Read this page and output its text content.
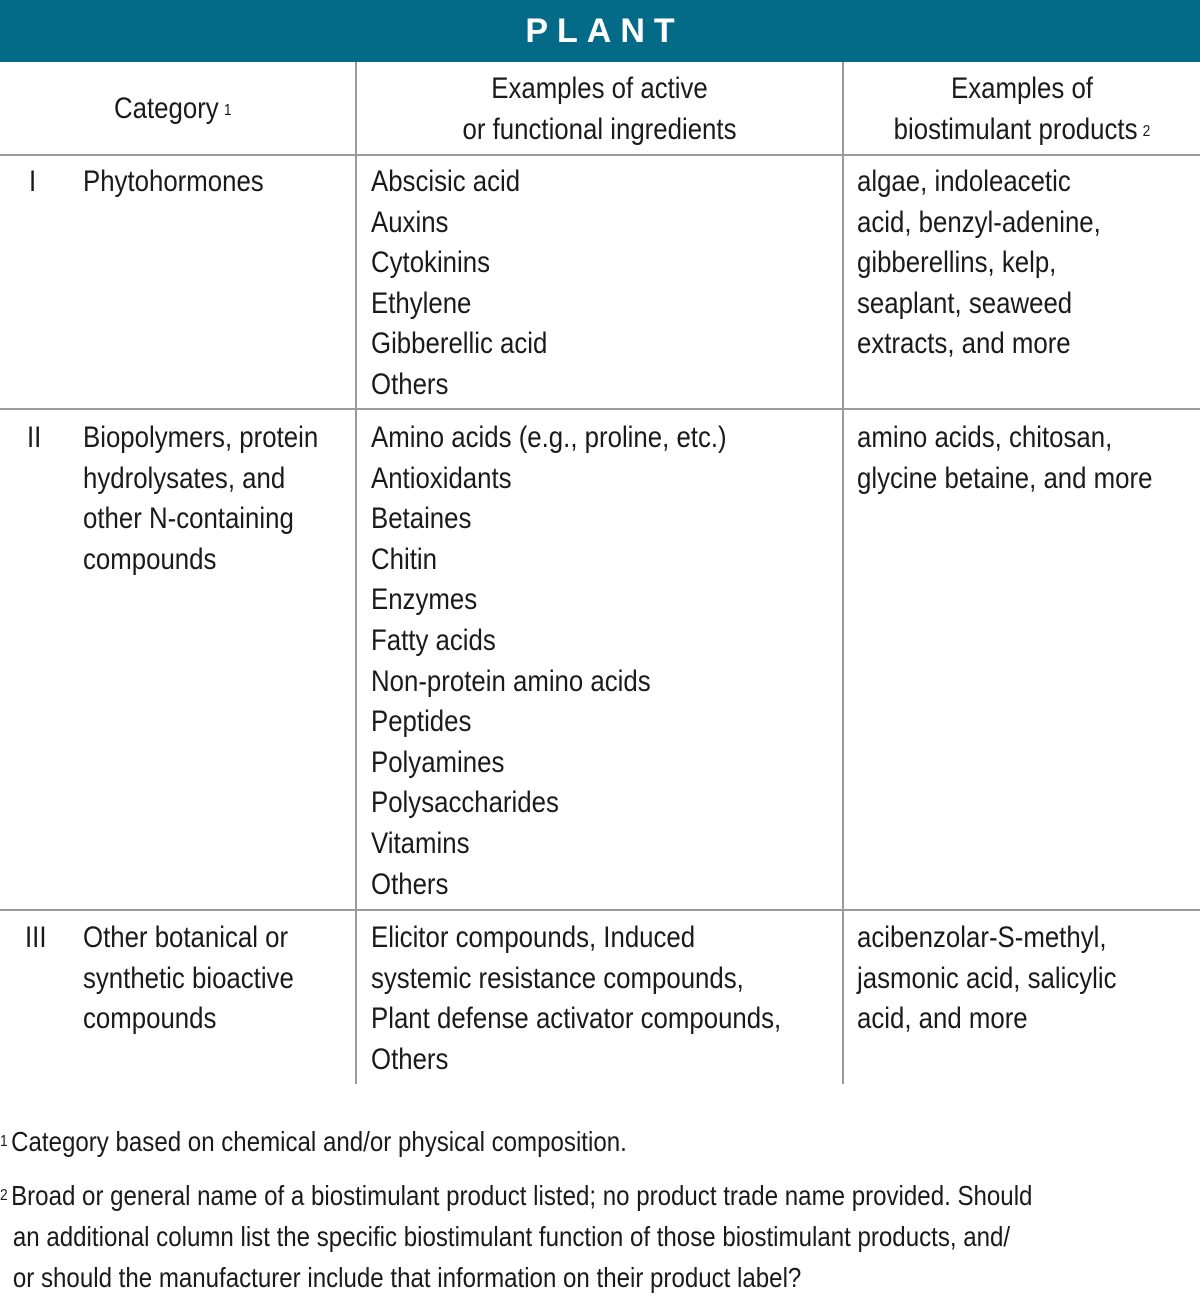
PLANT
Category $^1$
Examples of active
or functional ingredients
Examples of
biostimulant products $^2$
I Phytohormones	Abscisic acid
Auxins
Cytokinins
Ethylene
Gibberellic acid
Others
algae, indoleacetic
acid, benzyl-adenine,
gibberellins, kelp,
seaplant, seaweed
extracts, and more
II Biopolymers, protein
hydrolysates, and
other N-containing
compounds
Amino acids (e.g., proline, etc.)
Antioxidants
Betaines
Chitin
Enzymes
Fatty acids
Non-protein amino acids
Peptides
Polyamines
Polysaccharides
Vitamins
Others
amino acids, chitosan,
glycine betaine, and more
III Other botanical or
synthetic bioactive
compounds
Elicitor compounds, Induced
systemic resistance compounds,
Plant defense activator compounds,
Others
acibenzolar-S-methyl,
jasmonic acid, salicylic
acid, and more
$^1$ Category based on chemical and/or physical composition.
$^2$ Broad or general name of a biostimulant product listed; no product trade name provided. Should
an additional column list the specific biostimulant function of those biostimulant products, and/
or should the manufacturer include that information on their product label?
